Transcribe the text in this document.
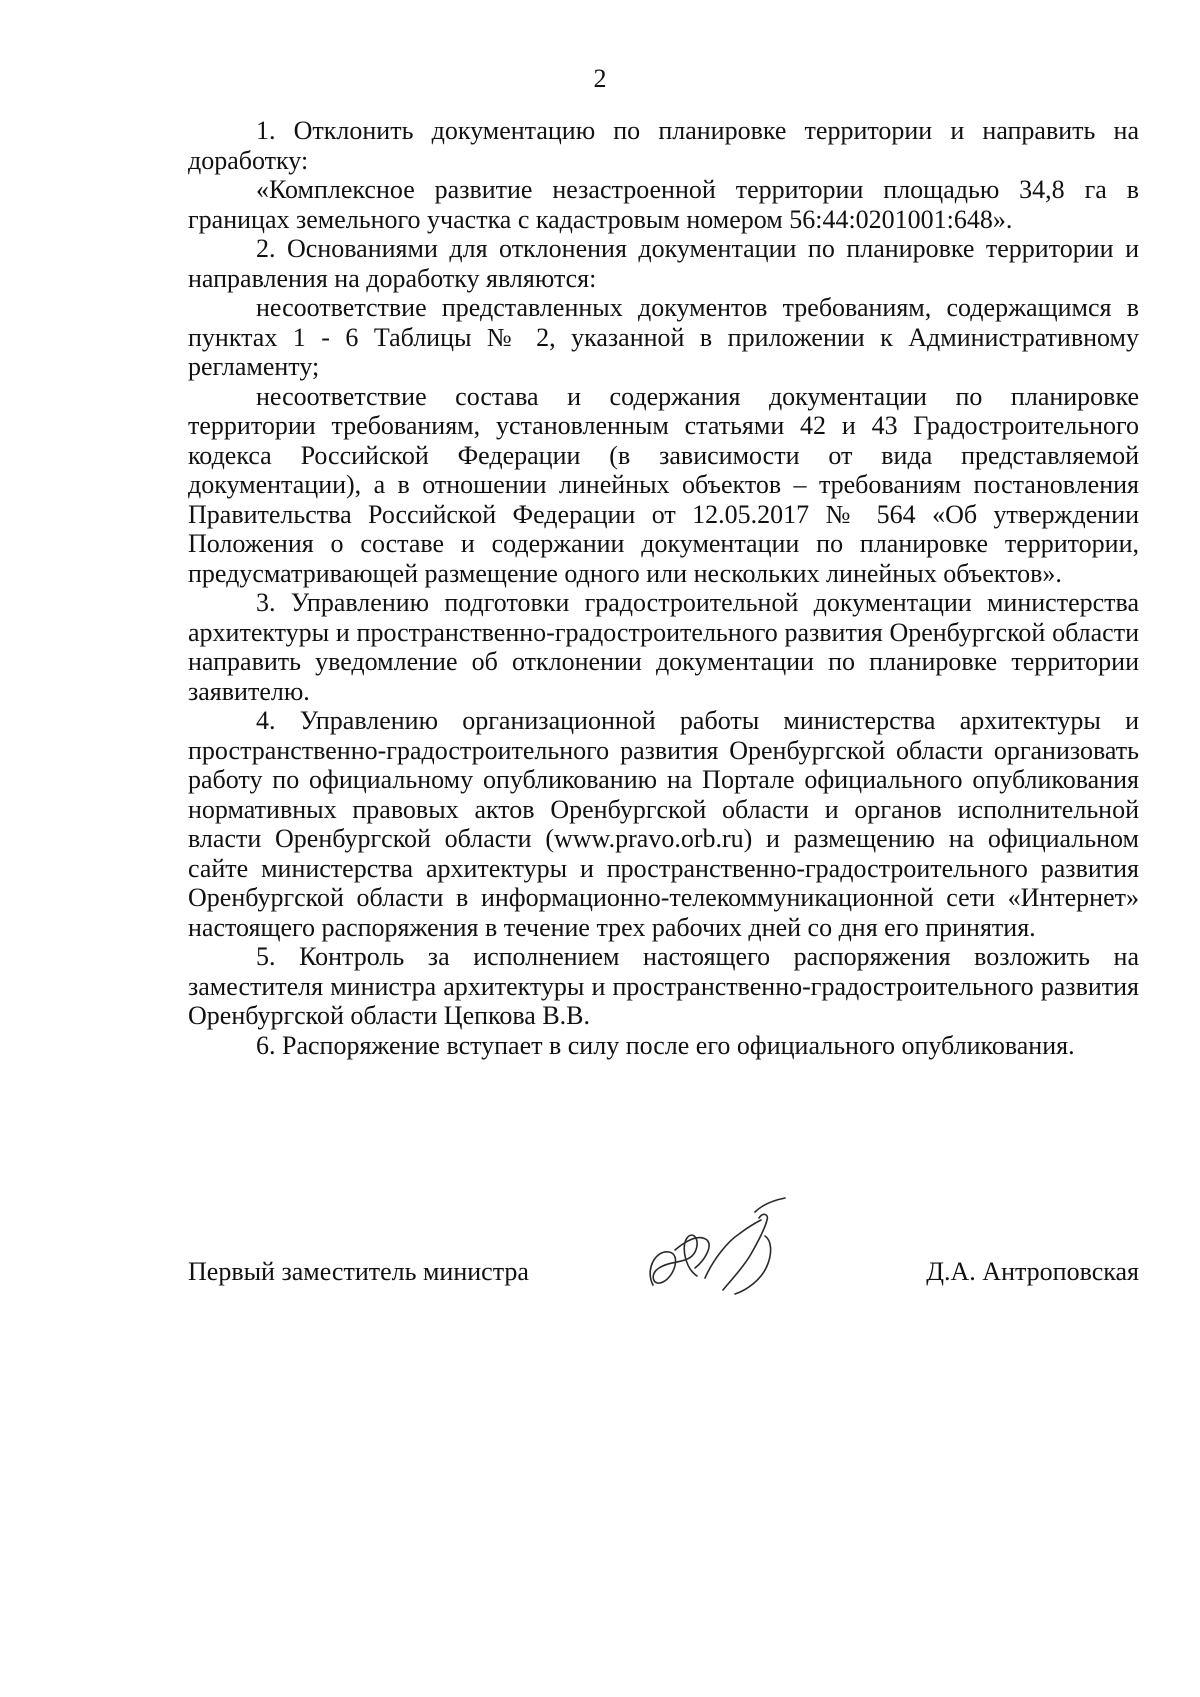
2

1. Отклонить документацию по планировке территории и направить на доработку:

«Комплексное развитие незастроенной территории площадью 34,8 га в границах земельного участка с кадастровым номером 56:44:0201001:648».

2. Основаниями для отклонения документации по планировке территории и направления на доработку являются:

несоответствие представленных документов требованиям, содержащимся в пунктах 1 - 6 Таблицы № 2, указанной в приложении к Административному регламенту;

несоответствие состава и содержания документации по планировке территории требованиям, установленным статьями 42 и 43 Градостроительного кодекса Российской Федерации (в зависимости от вида представляемой документации), а в отношении линейных объектов – требованиям постановления Правительства Российской Федерации от 12.05.2017 № 564 «Об утверждении Положения о составе и содержании документации по планировке территории, предусматривающей размещение одного или нескольких линейных объектов».

3. Управлению подготовки градостроительной документации министерства архитектуры и пространственно-градостроительного развития Оренбургской области направить уведомление об отклонении документации по планировке территории заявителю.

4. Управлению организационной работы министерства архитектуры и пространственно-градостроительного развития Оренбургской области организовать работу по официальному опубликованию на Портале официального опубликования нормативных правовых актов Оренбургской области и органов исполнительной власти Оренбургской области (www.pravo.orb.ru) и размещению на официальном сайте министерства архитектуры и пространственно-градостроительного развития Оренбургской области в информационно-телекоммуникационной сети «Интернет» настоящего распоряжения в течение трех рабочих дней со дня его принятия.

5. Контроль за исполнением настоящего распоряжения возложить на заместителя министра архитектуры и пространственно-градостроительного развития Оренбургской области Цепкова В.В.

6. Распоряжение вступает в силу после его официального опубликования.

Первый заместитель министра	Д.А. Антроповская
